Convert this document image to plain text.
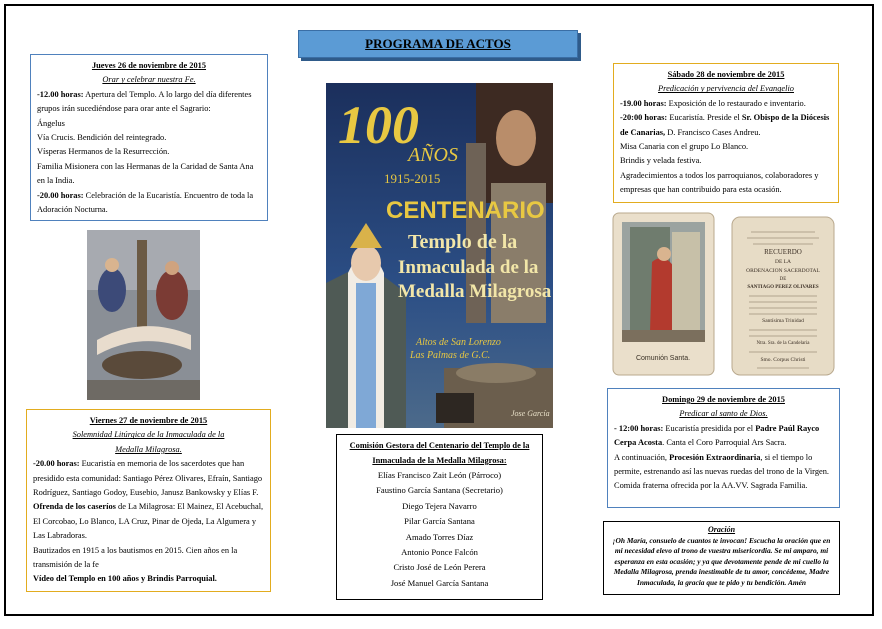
PROGRAMA DE ACTOS
Jueves 26 de noviembre de 2015
Orar y celebrar nuestra Fe.
-12.00 horas: Apertura del Templo. A lo largo del día diferentes grupos irán sucediéndose para orar ante el Sagrario:
Ángelus
Vía Crucis. Bendición del reintegrado.
Vísperas Hermanos de la Resurrección.
Familia Misionera con las Hermanas de la Caridad de Santa Ana en la India.
-20.00 horas: Celebración de la Eucaristía. Encuentro de toda la Adoración Nocturna.
Viernes 27 de noviembre de 2015
Solemnidad Litúrgica de la Inmaculada de la Medalla Milagrosa.
-20.00 horas: Eucaristía en memoria de los sacerdotes que han presidido esta comunidad: Santiago Pérez Olivares, Efraín, Santiago Rodríguez, Santiago Godoy, Eusebio, Janusz Bankowsky y Elías F.
Ofrenda de los caseríos de La Milagrosa: El Mainez, El Acebuchal, El Corcobao, Lo Blanco, LA Cruz, Pinar de Ojeda, La Algumera y Las Labradoras.
Bautizados en 1915 a los bautismos en 2015. Cien años en la transmisión de la fe
Vídeo del Templo en 100 años y Brindis Parroquial.
100
AÑOS
1915-2015
CENTENARIO
Templo de la
Inmaculada de la
Medalla Milagrosa
Altos de San Lorenzo
Las Palmas de G.C.
Jose García
Comisión Gestora del Centenario del Templo de la Inmaculada de la Medalla Milagrosa:
Elías Francisco Zait León (Párroco)
Faustino García Santana (Secretario)
Diego Tejera Navarro
Pilar García Santana
Amado Torres Díaz
Antonio Ponce Falcón
Cristo José de León Perera
José Manuel García Santana
Sábado 28 de noviembre de 2015
Predicación y pervivencia del Evangelio
-19.00 horas: Exposición de lo restaurado e inventario.
-20:00 horas: Eucaristía. Preside el Sr. Obispo de la Diócesis de Canarias, D. Francisco Cases Andreu.
Misa Canaria con el grupo Lo Blanco.
Brindis y velada festiva.
Agradecimientos a todos los parroquianos, colaboradores y empresas que han contribuido para esta ocasión.
Comunión Santa.
RECUERDO
DE LA
ORDENACION SACERDOTAL
DE
SANTIAGO PEREZ OLIVARES
Santísima Trinidad
Ntra. Sra. de la Candelaria
Smo. Corpus Christi
Domingo 29 de noviembre de 2015
Predicar al santo de Dios.
- 12:00 horas: Eucaristía presidida por el Padre Paúl Rayco Cerpa Acosta. Canta el Coro Parroquial Ars Sacra.
A continuación, Procesión Extraordinaria, si el tiempo lo permite, estrenando así las nuevas ruedas del trono de la Virgen.
Comida fraterna ofrecida por la AA.VV. Sagrada Familia.
Oración
¡Oh María, consuelo de cuantos te invocan! Escucha la oración que en mi necesidad elevo al trono de vuestra misericordia. Se mi amparo, mi esperanza en esta ocasión; y ya que devotamente pende de mi cuello la Medalla Milagrosa, prenda inestimable de tu amor, concédeme, Madre Inmaculada, la gracia que te pido y tu bendición. Amén
